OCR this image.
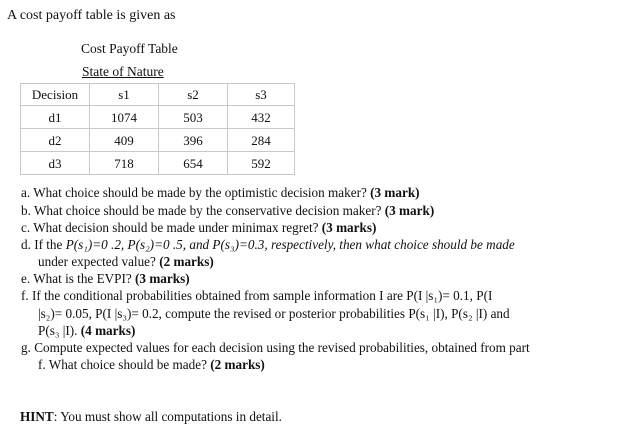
A cost payoff table is given as
Cost Payoff Table
State of Nature
Decision	s1	s2	s3
d1	1074	503	432
d2	409	396	284
d3	718	654	592
a. What choice should be made by the optimistic decision maker? (3 mark)
b. What choice should be made by the conservative decision maker? (3 mark)
c. What decision should be made under minimax regret? (3 marks)
d. If the P(s₁)=0 .2, P(s₂)=0 .5, and P(s₃)=0.3, respectively, then what choice should be made
under expected value? (2 marks)
e. What is the EVPI? (3 marks)
f. If the conditional probabilities obtained from sample information I are P(I |s₁)= 0.1, P(I
|s₂)= 0.05, P(I |s₃)= 0.2, compute the revised or posterior probabilities P(s₁ |I), P(s₂ |I) and
P(s₃ |I). (4 marks)
g. Compute expected values for each decision using the revised probabilities, obtained from part
f. What choice should be made? (2 marks)
HINT: You must show all computations in detail.
